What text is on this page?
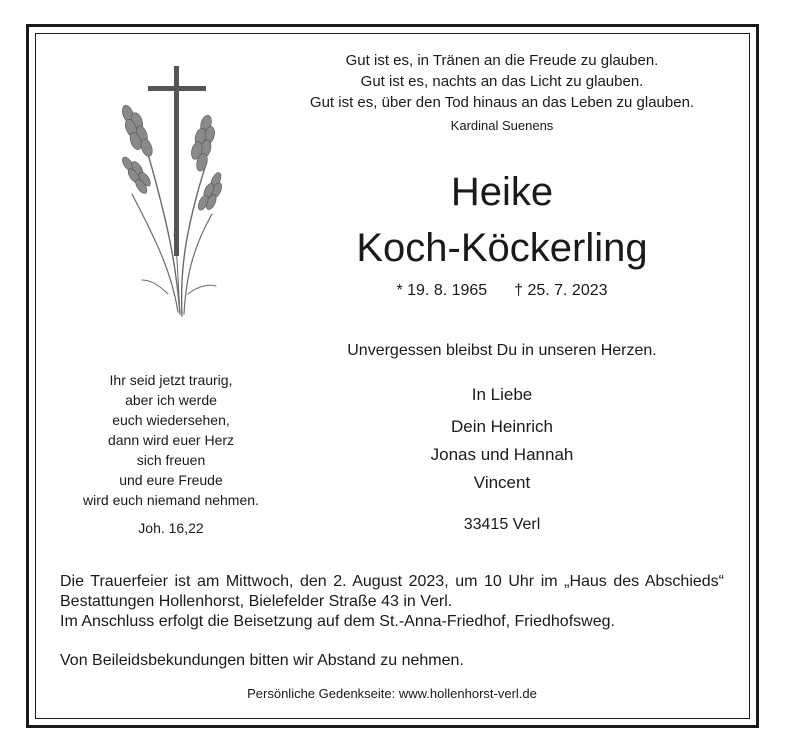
Gut ist es, in Tränen an die Freude zu glauben.
Gut ist es, nachts an das Licht zu glauben.
Gut ist es, über den Tod hinaus an das Leben zu glauben.
Kardinal Suenens
Heike
Koch-Köckerling
* 19. 8. 1965 † 25. 7. 2023
Unvergessen bleibst Du in unseren Herzen.
In Liebe
Dein Heinrich
Jonas und Hannah
Vincent
33415 Verl
Ihr seid jetzt traurig,
aber ich werde
euch wiedersehen,
dann wird euer Herz
sich freuen
und eure Freude
wird euch niemand nehmen.
Joh. 16,22

Die Trauerfeier ist am Mittwoch, den 2. August 2023, um 10 Uhr im „Haus des Abschieds“ Bestattungen Hollenhorst, Bielefelder Straße 43 in Verl.

Im Anschluss erfolgt die Beisetzung auf dem St.-Anna-Friedhof, Friedhofsweg.

Von Beileidsbekundungen bitten wir Abstand zu nehmen.
Persönliche Gedenkseite: www.hollenhorst-verl.de
